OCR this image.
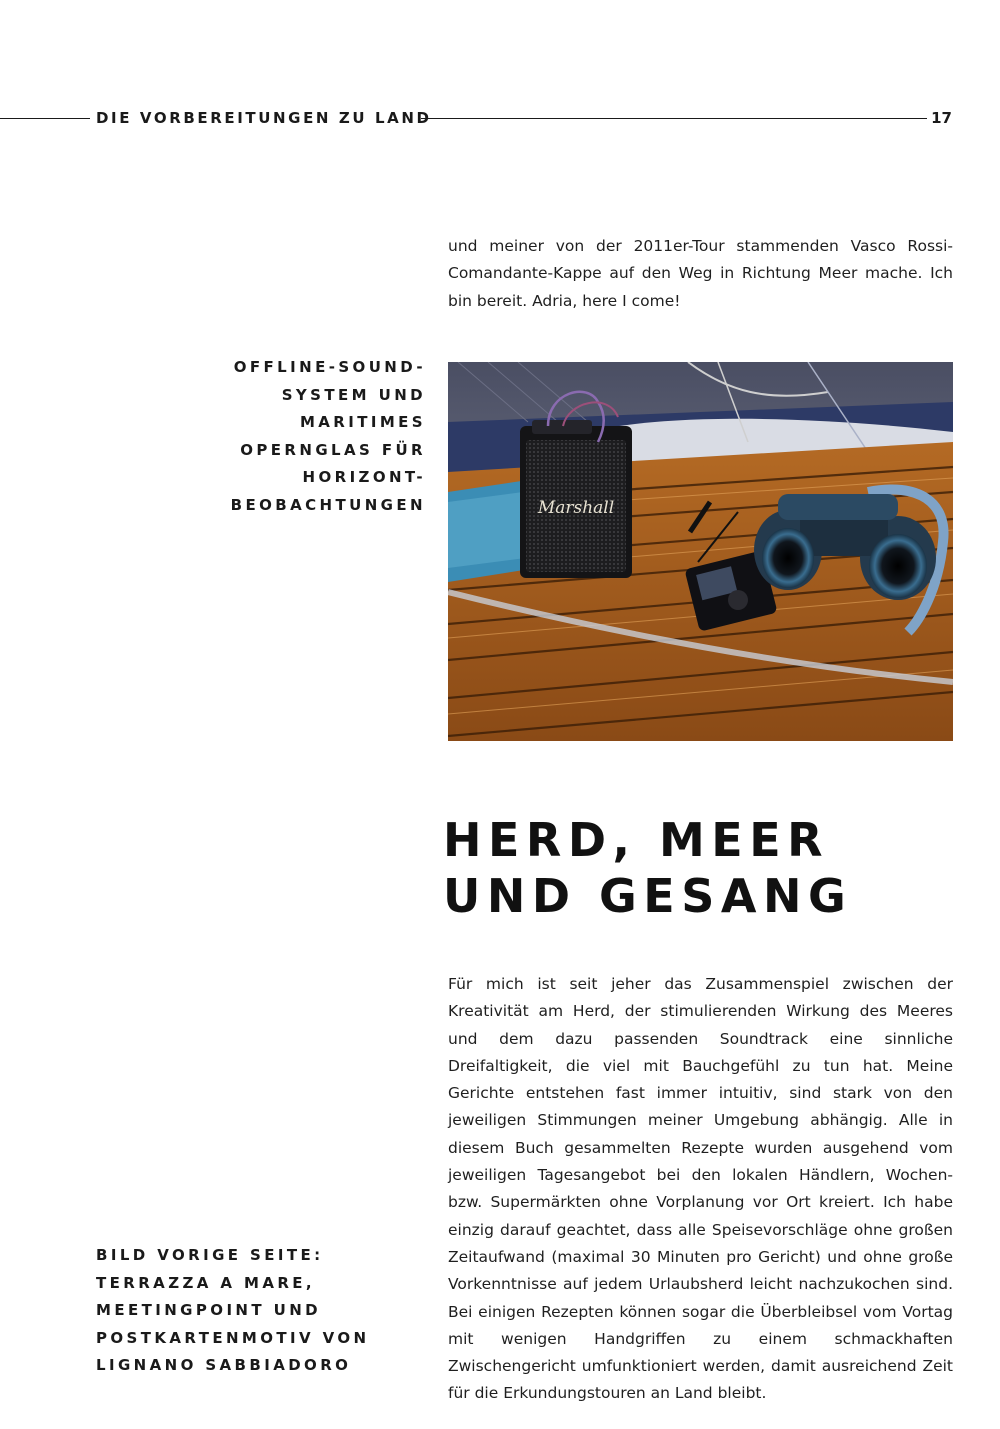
DIE VORBEREITUNGEN ZU LAND	17

und meiner von der 2011er-Tour stammenden Vasco Rossi-Comandante-Kappe auf den Weg in Richtung Meer mache. Ich bin bereit. Adria, here I come!

OFFLINE-SOUND-SYSTEM UND MARITIMES OPERNGLAS FÜR HORIZONT-BEOBACHTUNGEN	Marshall
HERD, MEER UND GESANG

Für mich ist seit jeher das Zusammenspiel zwischen der Kreativität am Herd, der stimulierenden Wirkung des Meeres und dem dazu passenden Soundtrack eine sinnliche Dreifaltigkeit, die viel mit Bauchgefühl zu tun hat. Meine Gerichte entstehen fast immer intuitiv, sind stark von den jeweiligen Stimmungen meiner Umgebung abhängig. Alle in diesem Buch gesammelten Rezepte wurden ausgehend vom jeweiligen Tagesangebot bei den lokalen Händlern, Wochen- bzw. Supermärkten ohne Vorplanung vor Ort kreiert. Ich habe einzig darauf geachtet, dass alle Speisevorschläge ohne großen Zeitaufwand (maximal 30 Minuten pro Gericht) und ohne große Vorkenntnisse auf jedem Urlaubsherd leicht nachzukochen sind. Bei einigen Rezepten können sogar die Überbleibsel vom Vortag mit wenigen Handgriffen zu einem schmackhaften Zwischengericht umfunktioniert werden, damit ausreichend Zeit für die Erkundungstouren an Land bleibt.

BILD VORIGE SEITE: TERRAZZA A MARE, MEETINGPOINT UND POSTKARTENMOTIV VON LIGNANO SABBIADORO
